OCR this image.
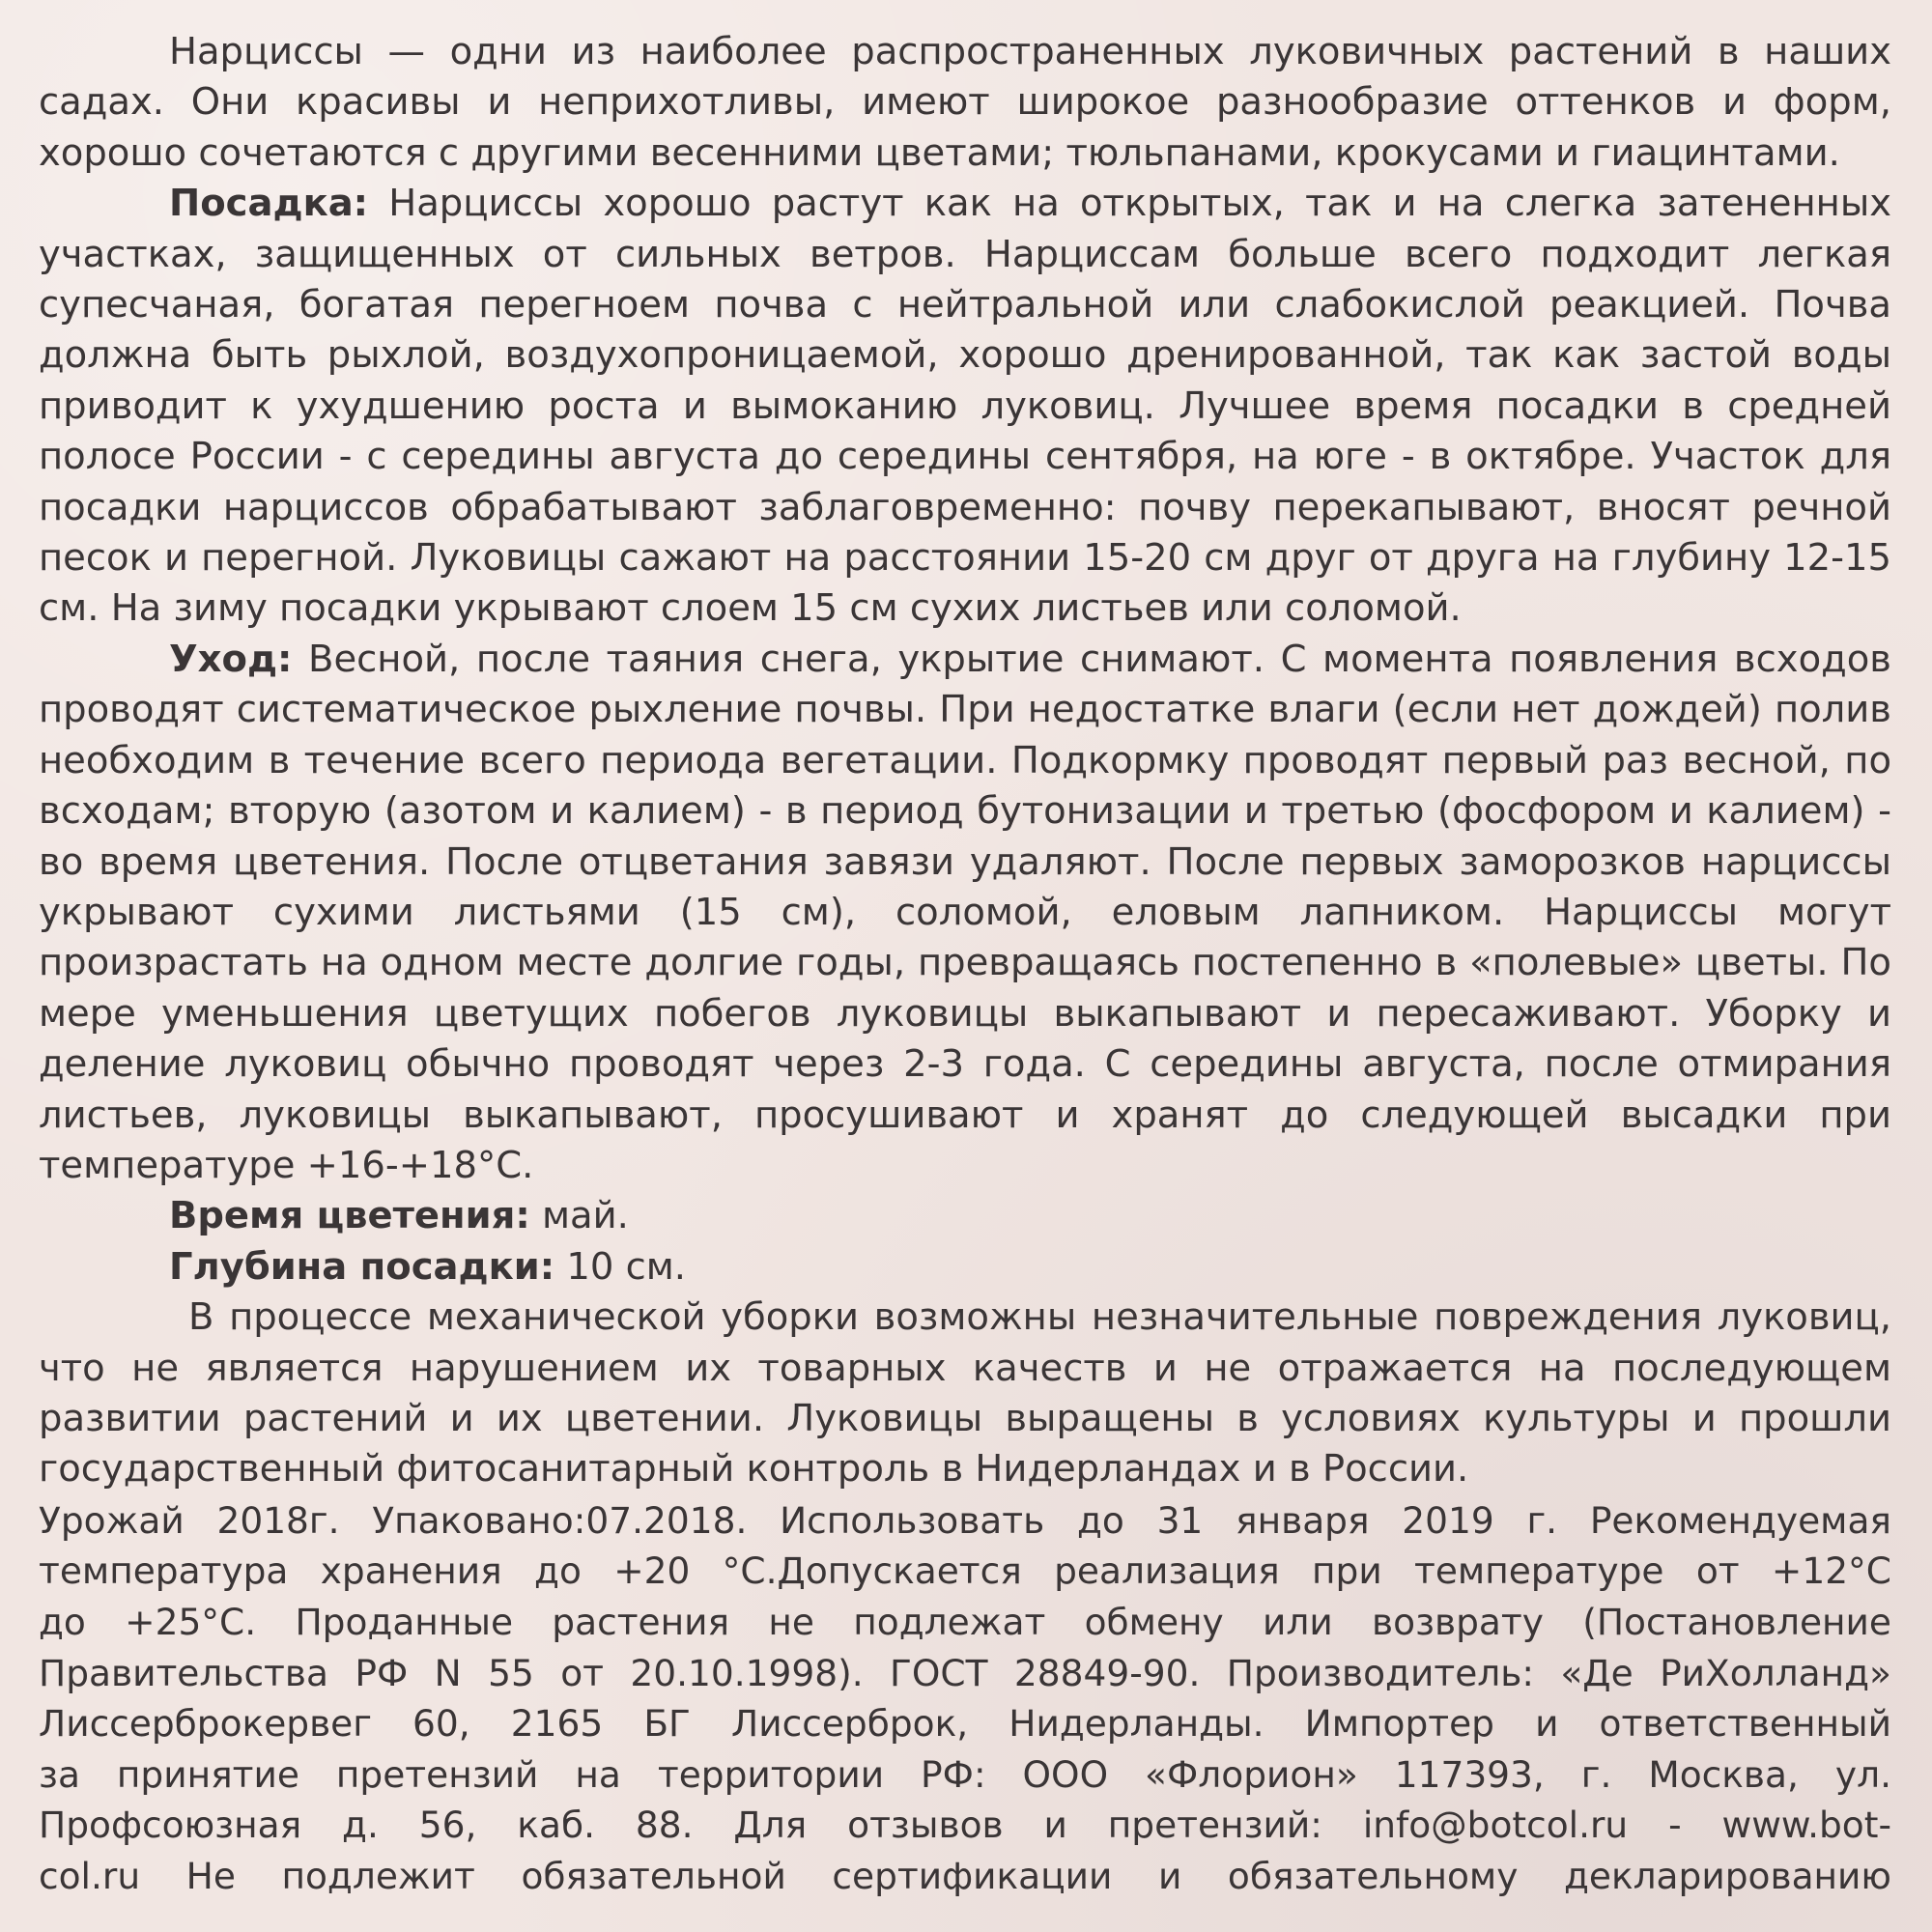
Нарциссы — одни из наиболее распространенных луковичных растений в наших садах. Они красивы и неприхотливы, имеют широкое разнообразие оттенков и форм, хорошо сочетаются с другими весенними цветами; тюльпанами, крокусами и гиацинтами.

Посадка: Нарциссы хорошо растут как на открытых, так и на слегка затененных участках, защищенных от сильных ветров. Нарциссам больше всего подходит легкая супесчаная, богатая перегноем почва с нейтральной или слабокислой реакцией. Почва должна быть рыхлой, воздухопроницаемой, хорошо дренированной, так как застой воды приводит к ухудшению роста и вымоканию луковиц. Лучшее время посадки в средней полосе России - с середины августа до середины сентября, на юге - в октябре. Участок для посадки нарциссов обрабатывают заблаговременно: почву перекапывают, вносят речной песок и перегной. Луковицы сажают на расстоянии 15-20 см друг от друга на глубину 12-15 см. На зиму посадки укрывают слоем 15 см сухих листьев или соломой.

Уход: Весной, после таяния снега, укрытие снимают. С момента появления всходов проводят систематическое рыхление почвы. При недостатке влаги (если нет дождей) полив необходим в течение всего периода вегетации. Подкормку проводят первый раз весной, по всходам; вторую (азотом и калием) - в период бутонизации и третью (фосфором и калием) - во время цветения. После отцветания завязи удаляют. После первых заморозков нарциссы укрывают сухими листьями (15 см), соломой, еловым лапником. Нарциссы могут произрастать на одном месте долгие годы, превращаясь постепенно в «полевые» цветы. По мере уменьшения цветущих побегов луковицы выкапывают и пересаживают. Уборку и деление луковиц обычно проводят через 2-3 года. С середины августа, после отмирания листьев, луковицы выкапывают, просушивают и хранят до следующей высадки при температуре +16-+18°С.

Время цветения: май.

Глубина посадки: 10 см.

В процессе механической уборки возможны незначительные повреждения луковиц, что не является нарушением их товарных качеств и не отражается на последующем развитии растений и их цветении. Луковицы выращены в условиях культуры и прошли государственный фитосанитарный контроль в Нидерландах и в России.

Урожай 2018г. Упаковано:07.2018. Использовать до 31 января 2019 г. Рекомендуемая

температура хранения до +20 °С.Допускается реализация при температуре от +12°С

до +25°С. Проданные растения не подлежат обмену или возврату (Постановление

Правительства РФ N 55 от 20.10.1998). ГОСТ 28849-90. Производитель: «Де РиХолланд»

Лиссерброкервег 60, 2165 БГ Лиссерброк, Нидерланды. Импортер и ответственный

за принятие претензий на территории РФ: ООО «Флорион» 117393, г. Москва, ул.

Профсоюзная д. 56, каб. 88. Для отзывов и претензий: info@botcol.ru - www.bot-

col.ru Не подлежит обязательной сертификации и обязательному декларированию
